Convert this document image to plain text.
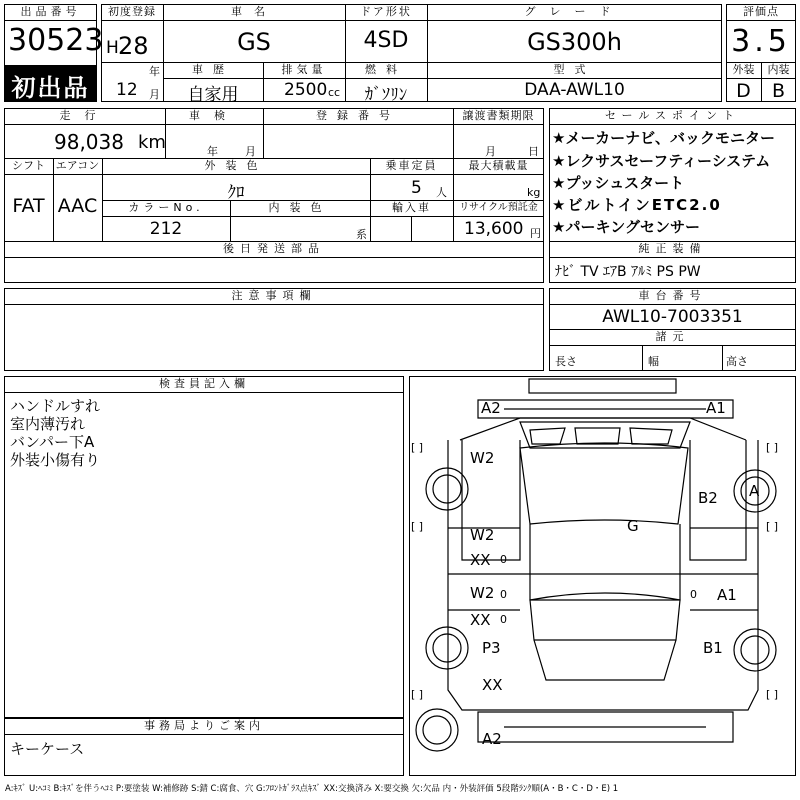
出品番号
30523
初出品
初度登録
H 28
年
12 月
車名
GS
ドア形状
4SD
グレード
GS300h
車歴
自家用
排気量
2500 cc
燃料
ｶﾞｿﾘﾝ
型式
DAA-AWL10
評価点
3.5
外装	内装
D	B
走行
98,038 km
車検
年 月
登録番号	譲渡書類期限
月	日
シフト
FAT
エアコン
AAC
外装色
ｸﾛ
乗車定員
5 人
最大積載量
kg
カラーNo.
212
内装色
系
輸入車	リサイクル預託金
13,600 円
後日発送部品
セールスポイント
★メーカーナビ、バックモニター
★レクサスセーフティーシステム
★プッシュスタート
★ビルトインETC2.0
★パーキングセンサー
純正装備
ﾅﾋﾞ TV ｴｱB ｱﾙﾐ PS PW
注意事項欄	車台番号
AWL10-7003351
諸元
長さ	幅	高さ
検査員記入欄
ハンドルすれ
室内薄汚れ
バンパー下A
外装小傷有り
事務局よりご案内
キーケース
[ ]	[ ]
[ ]	[ ]
[ ]	[ ]
A2	A1
W2
A
B2
G
W2
XX 0
W2	A1
0	0
XX 0
P3	B1
XX
A2
A:ｷｽﾞ U:ﾍｺﾐ B:ｷｽﾞを伴うﾍｺﾐ P:要塗装 W:補修跡 S:錆 C:腐食、穴 G:ﾌﾛﾝﾄｶﾞﾗｽ点ｷｽﾞ XX:交換済み X:要交換 欠:欠品 内・外装評価 5段階ﾗﾝｸ順(A・B・C・D・E) 1
